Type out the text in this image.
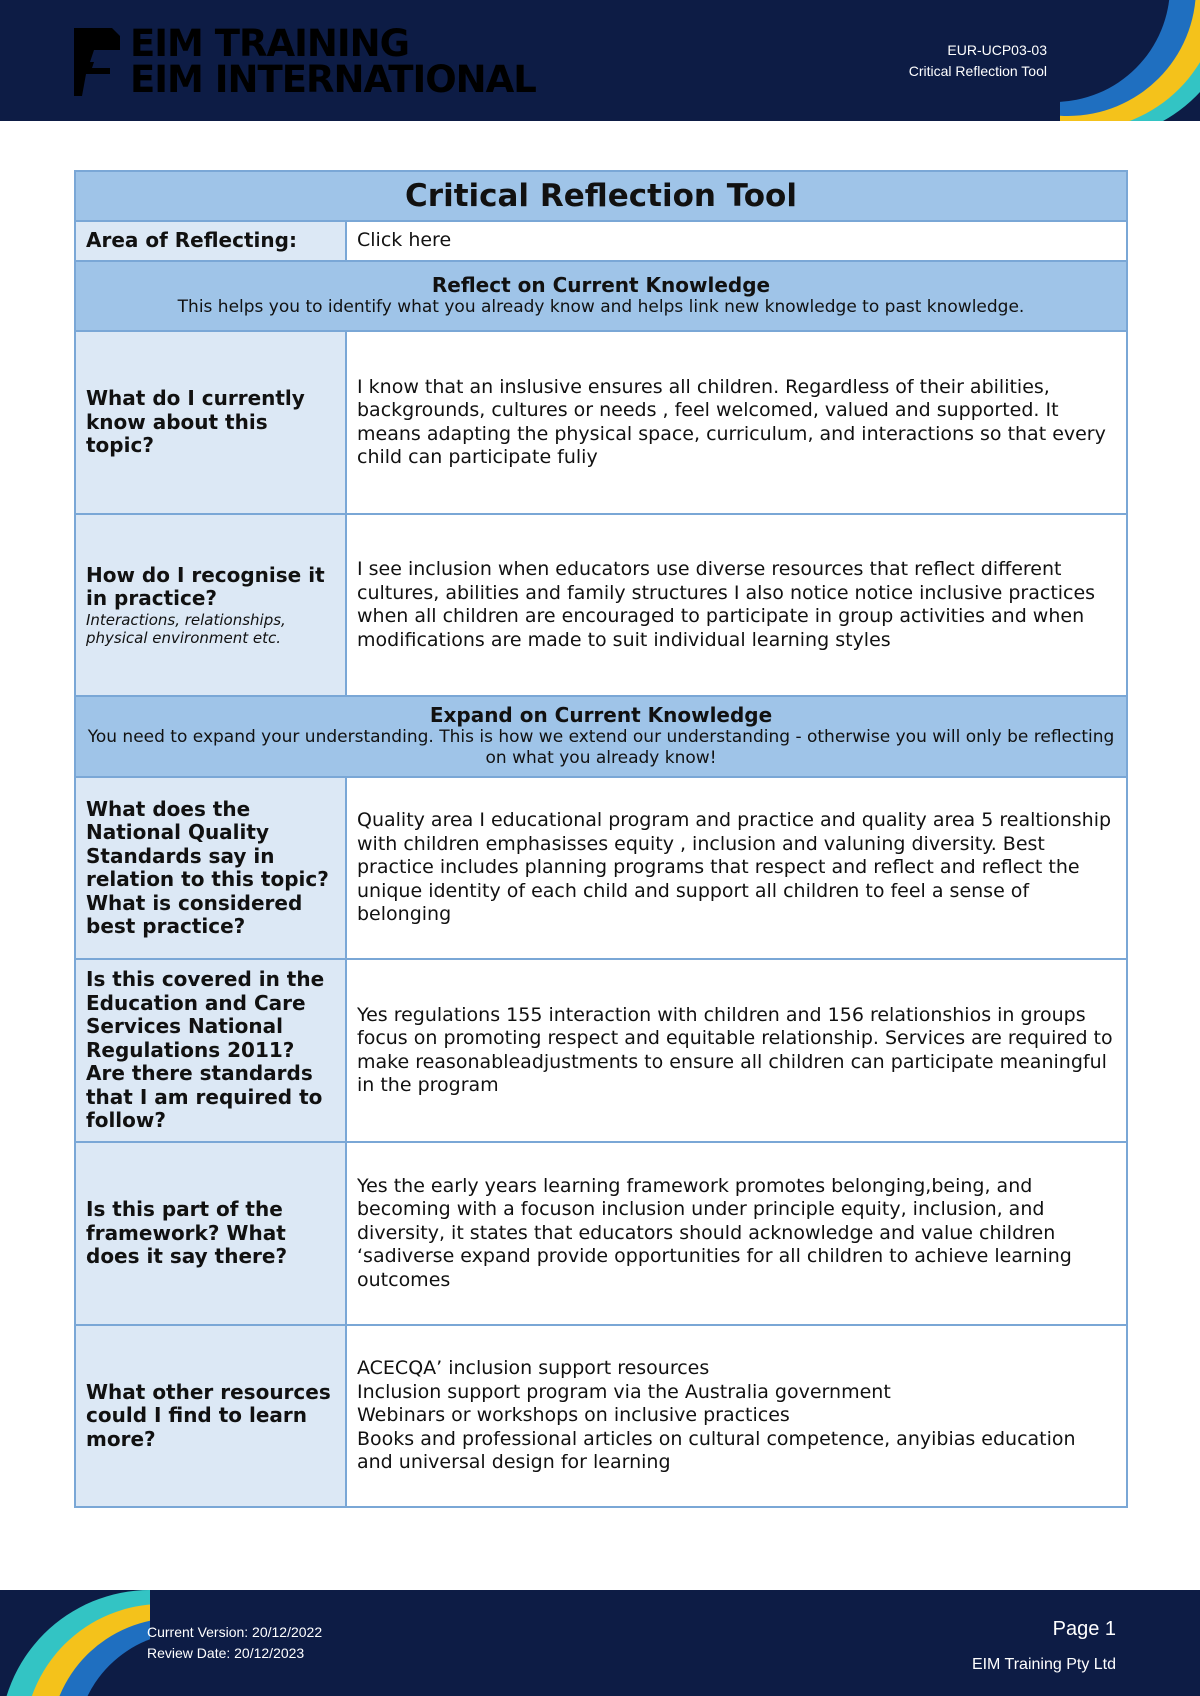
EIM TRAINING
EIM INTERNATIONAL
EUR-UCP03-03
Critical Reflection Tool
Critical Reflection Tool	
Area of Reflecting:	Click here

Reflect on Current Knowledge
This helps you to identify what you already know and helps link new knowledge to past knowledge.	

What do I currently know about this topic?	I know that an inslusive ensures all children. Regardless of their abilities, backgrounds, cultures or needs , feel welcomed, valued and supported. It means adapting the physical space, curriculum, and interactions so that every child can participate fuliy
How do I recognise it in practice?
Interactions, relationships, physical environment etc.	I see inclusion when educators use diverse resources that reflect different cultures, abilities and family structures I also notice notice inclusive practices when all children are encouraged to participate in group activities and when modifications are made to suit individual learning styles

Expand on Current Knowledge
You need to expand your understanding. This is how we extend our understanding - otherwise you will only be reflecting on what you already know!	

What does the National Quality Standards say in relation to this topic? What is considered best practice?	Quality area I educational program and practice and quality area 5 realtionship with children emphasisses equity , inclusion and valuning diversity. Best practice includes planning programs that respect and reflect and reflect the unique identity of each child and support all children to feel a sense of belonging
Is this covered in the Education and Care Services National Regulations 2011? Are there standards that I am required to follow?	Yes regulations 155 interaction with children and 156 relationshios in groups focus on promoting respect and equitable relationship. Services are required to make reasonableadjustments to ensure all children can participate meaningful in the program
Is this part of the framework? What does it say there?	Yes the early years learning framework promotes belonging,being, and becoming with a focuson inclusion under principle equity, inclusion, and diversity, it states that educators should acknowledge and value children ‘sadiverse expand provide opportunities for all children to achieve learning outcomes
What other resources could I find to learn more?	ACECQA’ inclusion support resources
Inclusion support program via the Australia government
Webinars or workshops on inclusive practices
Books and professional articles on cultural competence, anyibias education and universal design for learning
Current Version: 20/12/2022
Review Date: 20/12/2023
Page 1
EIM Training Pty Ltd
